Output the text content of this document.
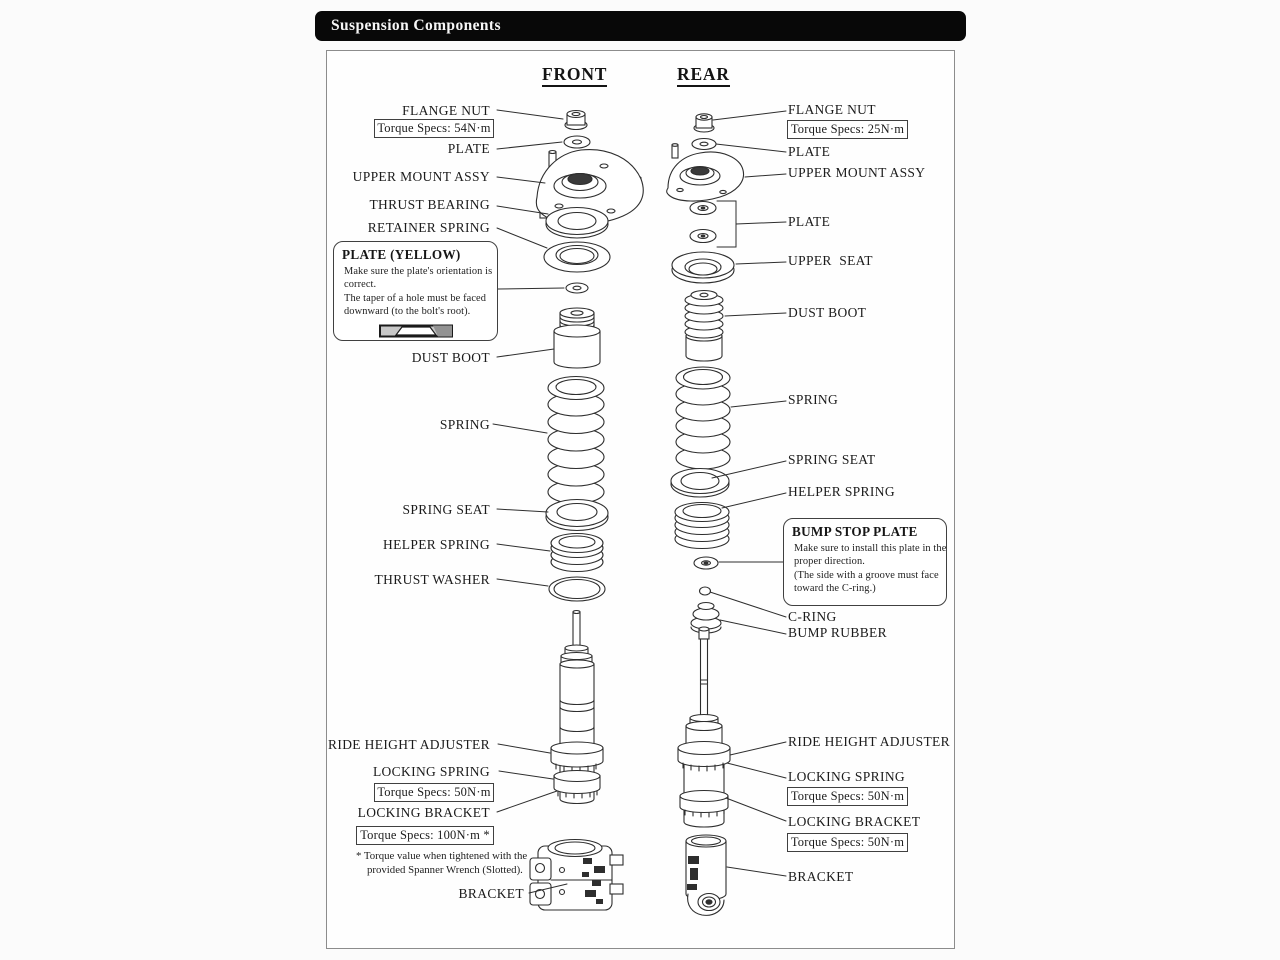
Suspension Components
FRONT	REAR
FLANGE NUT
PLATE
UPPER MOUNT ASSY
THRUST BEARING
RETAINER SPRING
DUST BOOT
SPRING
SPRING SEAT
HELPER SPRING
THRUST WASHER
RIDE HEIGHT ADJUSTER
LOCKING SPRING
LOCKING BRACKET
BRACKET
Torque Specs: 54N·m
Torque Specs: 50N·m
Torque Specs: 100N·m *
PLATE (YELLOW)
Make sure the plate's orientation is
correct.
The taper of a hole must be faced
downward (to the bolt's root).
* Torque value when tightened with the
provided Spanner Wrench (Slotted).
FLANGE NUT
PLATE
UPPER MOUNT ASSY
PLATE
UPPER  SEAT
DUST BOOT
SPRING
SPRING SEAT
HELPER SPRING
C-RING
BUMP RUBBER
RIDE HEIGHT ADJUSTER
LOCKING SPRING
LOCKING BRACKET
BRACKET
Torque Specs: 25N·m
Torque Specs: 50N·m
Torque Specs: 50N·m
BUMP STOP PLATE
Make sure to install this plate in the
proper direction.
(The side with a groove must face
toward the C-ring.)
